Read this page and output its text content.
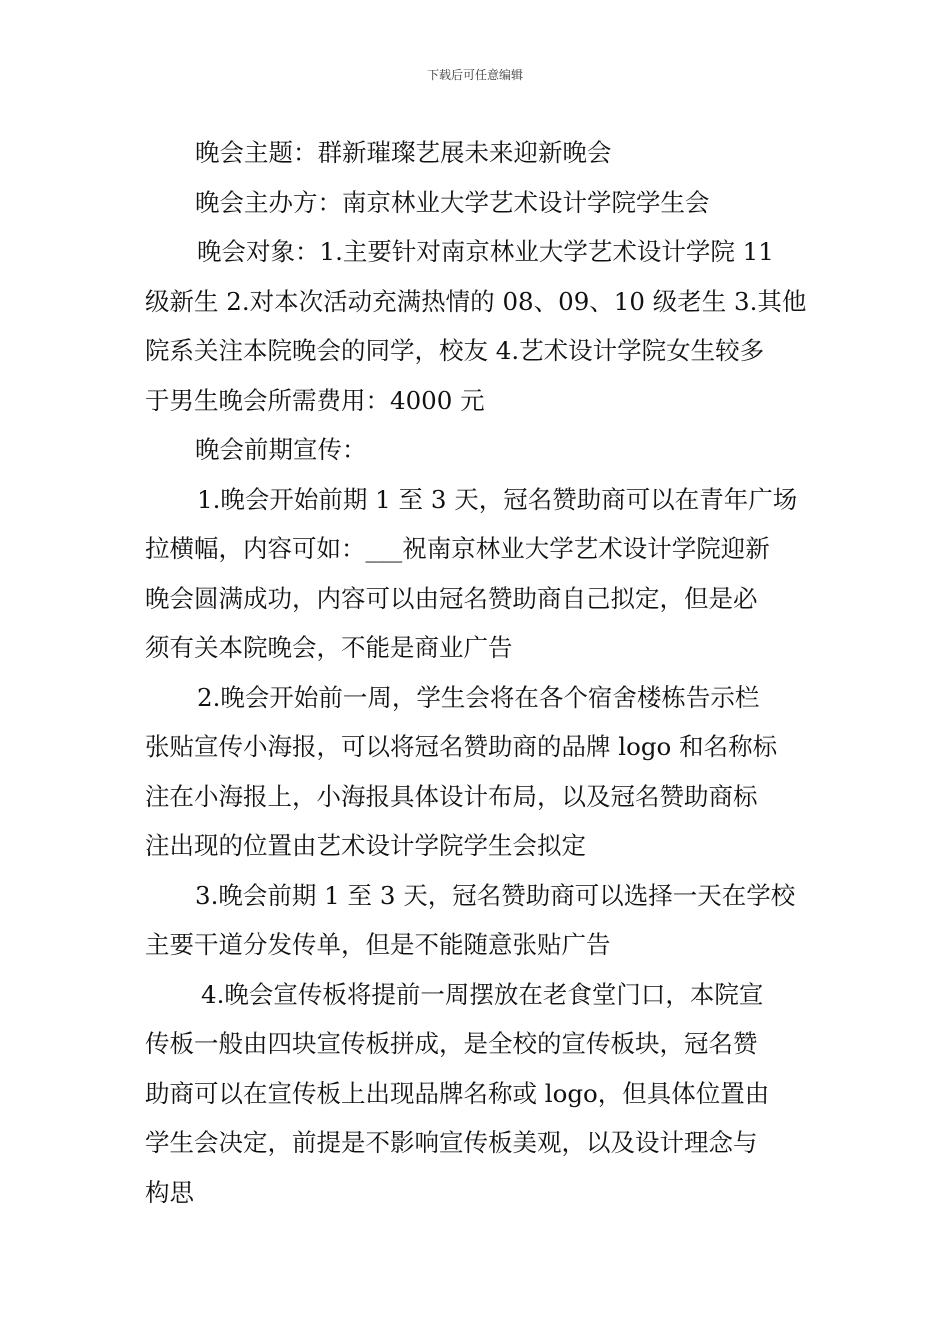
下载后可任意编辑
晚会主题：群新璀璨艺展未来迎新晚会
晚会主办方：南京林业大学艺术设计学院学生会
晚会对象：1.主要针对南京林业大学艺术设计学院 11
级新生 2.对本次活动充满热情的 08、09、10 级老生 3.其他
院系关注本院晚会的同学，校友 4.艺术设计学院女生较多
于男生晚会所需费用：4000 元
晚会前期宣传：
1.晚会开始前期 1 至 3 天，冠名赞助商可以在青年广场
拉横幅，内容可如：___祝南京林业大学艺术设计学院迎新
晚会圆满成功，内容可以由冠名赞助商自己拟定，但是必
须有关本院晚会，不能是商业广告
2.晚会开始前一周，学生会将在各个宿舍楼栋告示栏
张贴宣传小海报，可以将冠名赞助商的品牌 logo 和名称标
注在小海报上，小海报具体设计布局，以及冠名赞助商标
注出现的位置由艺术设计学院学生会拟定
3.晚会前期 1 至 3 天，冠名赞助商可以选择一天在学校
主要干道分发传单，但是不能随意张贴广告
4.晚会宣传板将提前一周摆放在老食堂门口，本院宣
传板一般由四块宣传板拼成，是全校的宣传板块，冠名赞
助商可以在宣传板上出现品牌名称或 logo，但具体位置由
学生会决定，前提是不影响宣传板美观，以及设计理念与
构思
